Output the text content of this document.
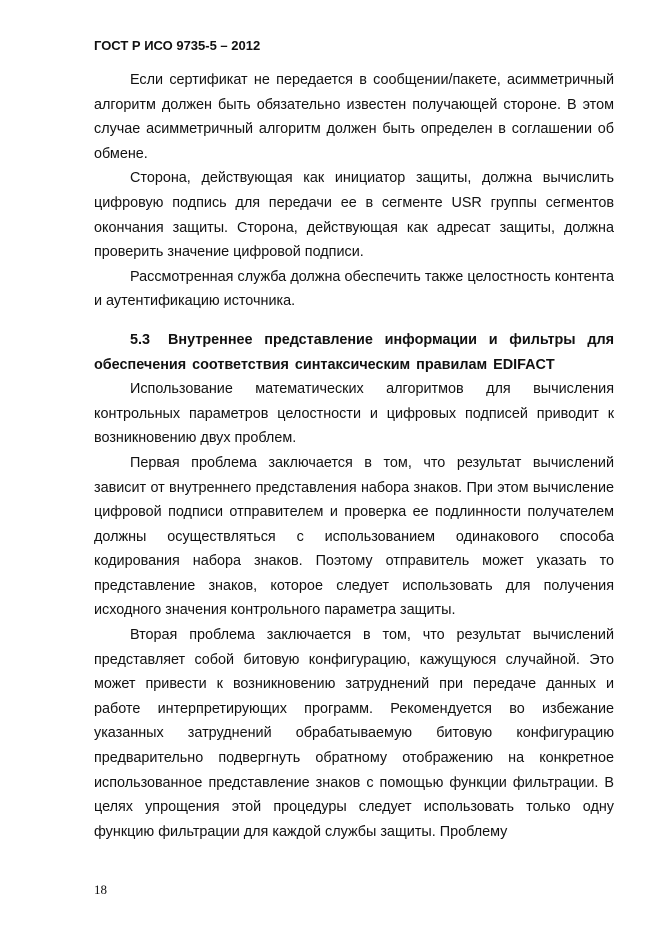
ГОСТ Р ИСО 9735-5 – 2012

Если сертификат не передается в сообщении/пакете, асимметричный алгоритм должен быть обязательно известен получающей стороне. В этом случае асимметричный алгоритм должен быть определен в соглашении об обмене.

Сторона, действующая как инициатор защиты, должна вычислить цифровую подпись для передачи ее в сегменте USR группы сегментов окончания защиты. Сторона, действующая как адресат защиты, должна проверить значение цифровой подписи.

Рассмотренная служба должна обеспечить также целостность контента и аутентификацию источника.

5.3 Внутреннее представление информации и фильтры для обеспечения соответствия синтаксическим правилам EDIFACT

Использование математических алгоритмов для вычисления контрольных параметров целостности и цифровых подписей приводит к возникновению двух проблем.

Первая проблема заключается в том, что результат вычислений зависит от внутреннего представления набора знаков. При этом вычисление цифровой подписи отправителем и проверка ее подлинности получателем должны осуществляться с использованием одинакового способа кодирования набора знаков. Поэтому отправитель может указать то представление знаков, которое следует использовать для получения исходного значения контрольного параметра защиты.

Вторая проблема заключается в том, что результат вычислений представляет собой битовую конфигурацию, кажущуюся случайной. Это может привести к возникновению затруднений при передаче данных и работе интерпретирующих программ. Рекомендуется во избежание указанных затруднений обрабатываемую битовую конфигурацию предварительно подвергнуть обратному отображению на конкретное использованное представление знаков с помощью функции фильтрации. В целях упрощения этой процедуры следует использовать только одну функцию фильтрации для каждой службы защиты. Проблему

18
